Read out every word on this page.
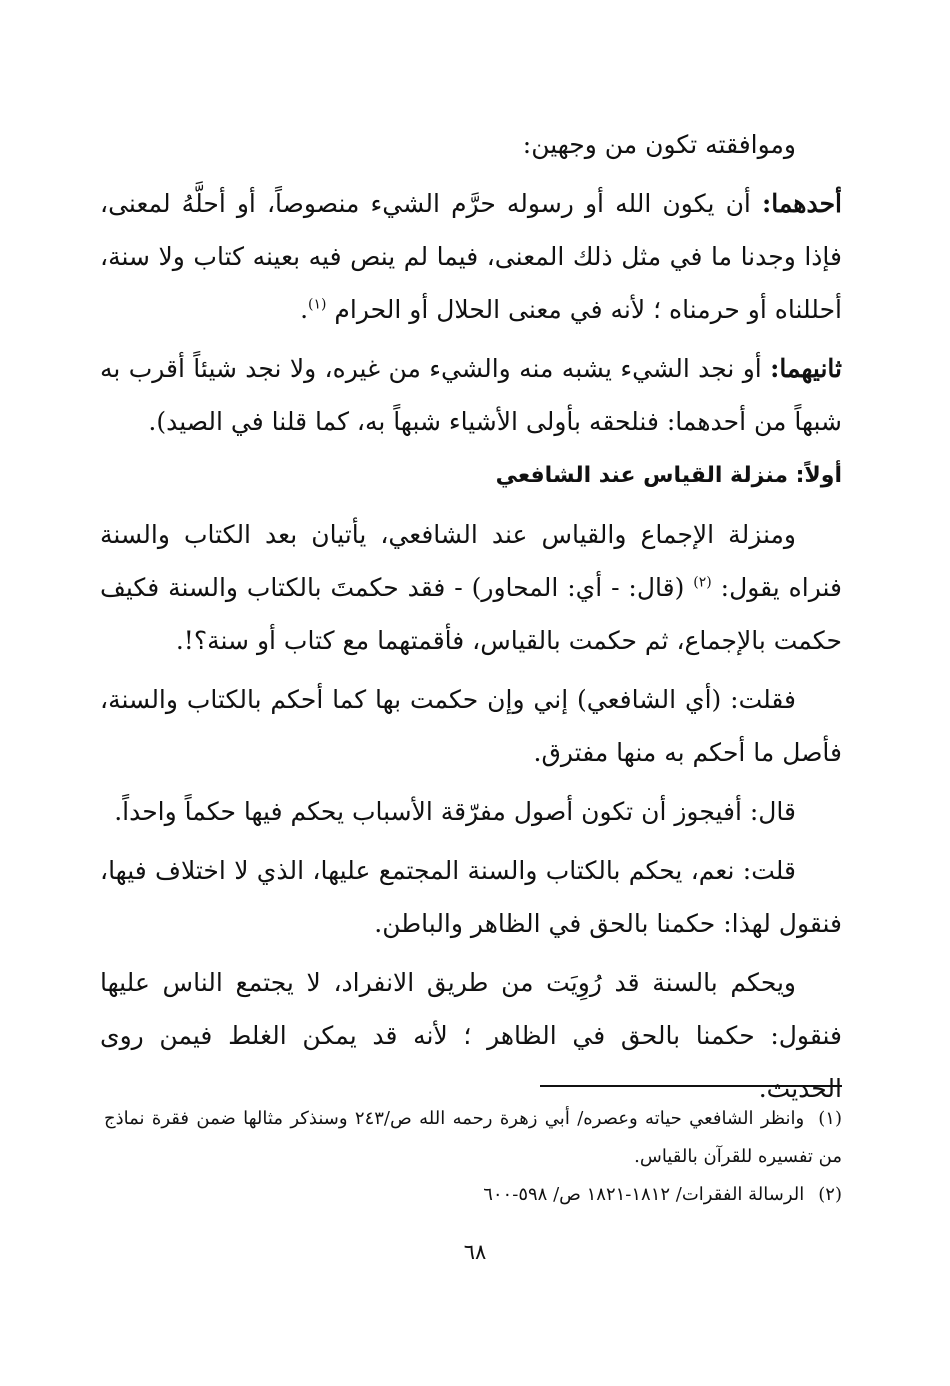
وموافقته تكون من وجهين:

أحدهما: أن يكون الله أو رسوله حرَّم الشيء منصوصاً، أو أحلَّهُ لمعنى، فإذا وجدنا ما في مثل ذلك المعنى، فيما لم ينص فيه بعينه كتاب ولا سنة، أحللناه أو حرمناه ؛ لأنه في معنى الحلال أو الحرام $^{(١)}$.

ثانيهما: أو نجد الشيء يشبه منه والشيء من غيره، ولا نجد شيئاً أقرب به شبهاً من أحدهما: فنلحقه بأولى الأشياء شبهاً به، كما قلنا في الصيد).

أولاً: منزلة القياس عند الشافعي

ومنزلة الإجماع والقياس عند الشافعي، يأتيان بعد الكتاب والسنة فنراه يقول: $^{(٢)}$ (قال: - أي: المحاور) - فقد حكمتَ بالكتاب والسنة فكيف حكمت بالإجماع، ثم حكمت بالقياس، فأقمتهما مع كتاب أو سنة؟!.

فقلت: (أي الشافعي) إني وإن حكمت بها كما أحكم بالكتاب والسنة، فأصل ما أحكم به منها مفترق.

قال: أفيجوز أن تكون أصول مفرّقة الأسباب يحكم فيها حكماً واحداً.

قلت: نعم، يحكم بالكتاب والسنة المجتمع عليها، الذي لا اختلاف فيها، فنقول لهذا: حكمنا بالحق في الظاهر والباطن.

ويحكم بالسنة قد رُوِيَت من طريق الانفراد، لا يجتمع الناس عليها فنقول: حكمنا بالحق في الظاهر ؛ لأنه قد يمكن الغلط فيمن روى الحديث.

(١)وانظر الشافعي حياته وعصره/ أبي زهرة رحمه الله ص/٢٤٣ وسنذكر مثالها ضمن فقرة نماذج من تفسيره للقرآن بالقياس.

(٢)الرسالة الفقرات/ ١٨١٢-١٨٢١ ص/ ٥٩٨-٦٠٠

٦٨
